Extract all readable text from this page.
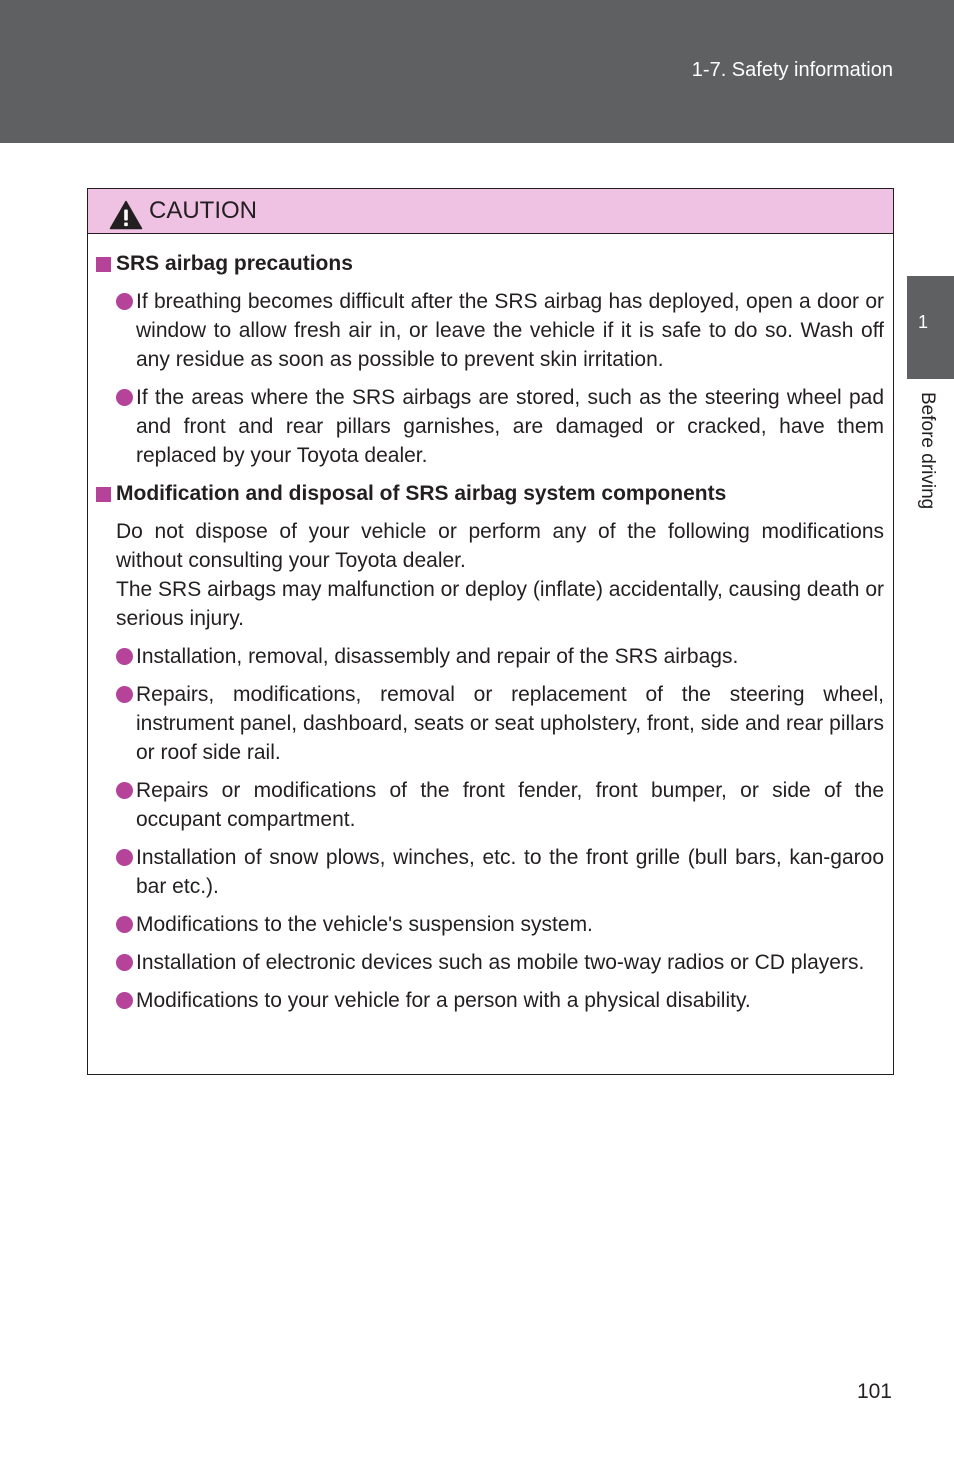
1-7. Safety information
1
Before driving
CAUTION
SRS airbag precautions
If breathing becomes difficult after the SRS airbag has deployed, open a door or window to allow fresh air in, or leave the vehicle if it is safe to do so. Wash off any residue as soon as possible to prevent skin irritation.
If the areas where the SRS airbags are stored, such as the steering wheel pad and front and rear pillars garnishes, are damaged or cracked, have them replaced by your Toyota dealer.
Modification and disposal of SRS airbag system components
Do not dispose of your vehicle or perform any of the following modifications without consulting your Toyota dealer.
The SRS airbags may malfunction or deploy (inflate) accidentally, causing death or serious injury.
Installation, removal, disassembly and repair of the SRS airbags.
Repairs, modifications, removal or replacement of the steering wheel, instrument panel, dashboard, seats or seat upholstery, front, side and rear pillars or roof side rail.
Repairs or modifications of the front fender, front bumper, or side of the occupant compartment.
Installation of snow plows, winches, etc. to the front grille (bull bars, kan-garoo bar etc.).
Modifications to the vehicle's suspension system.
Installation of electronic devices such as mobile two-way radios or CD players.
Modifications to your vehicle for a person with a physical disability.
101
